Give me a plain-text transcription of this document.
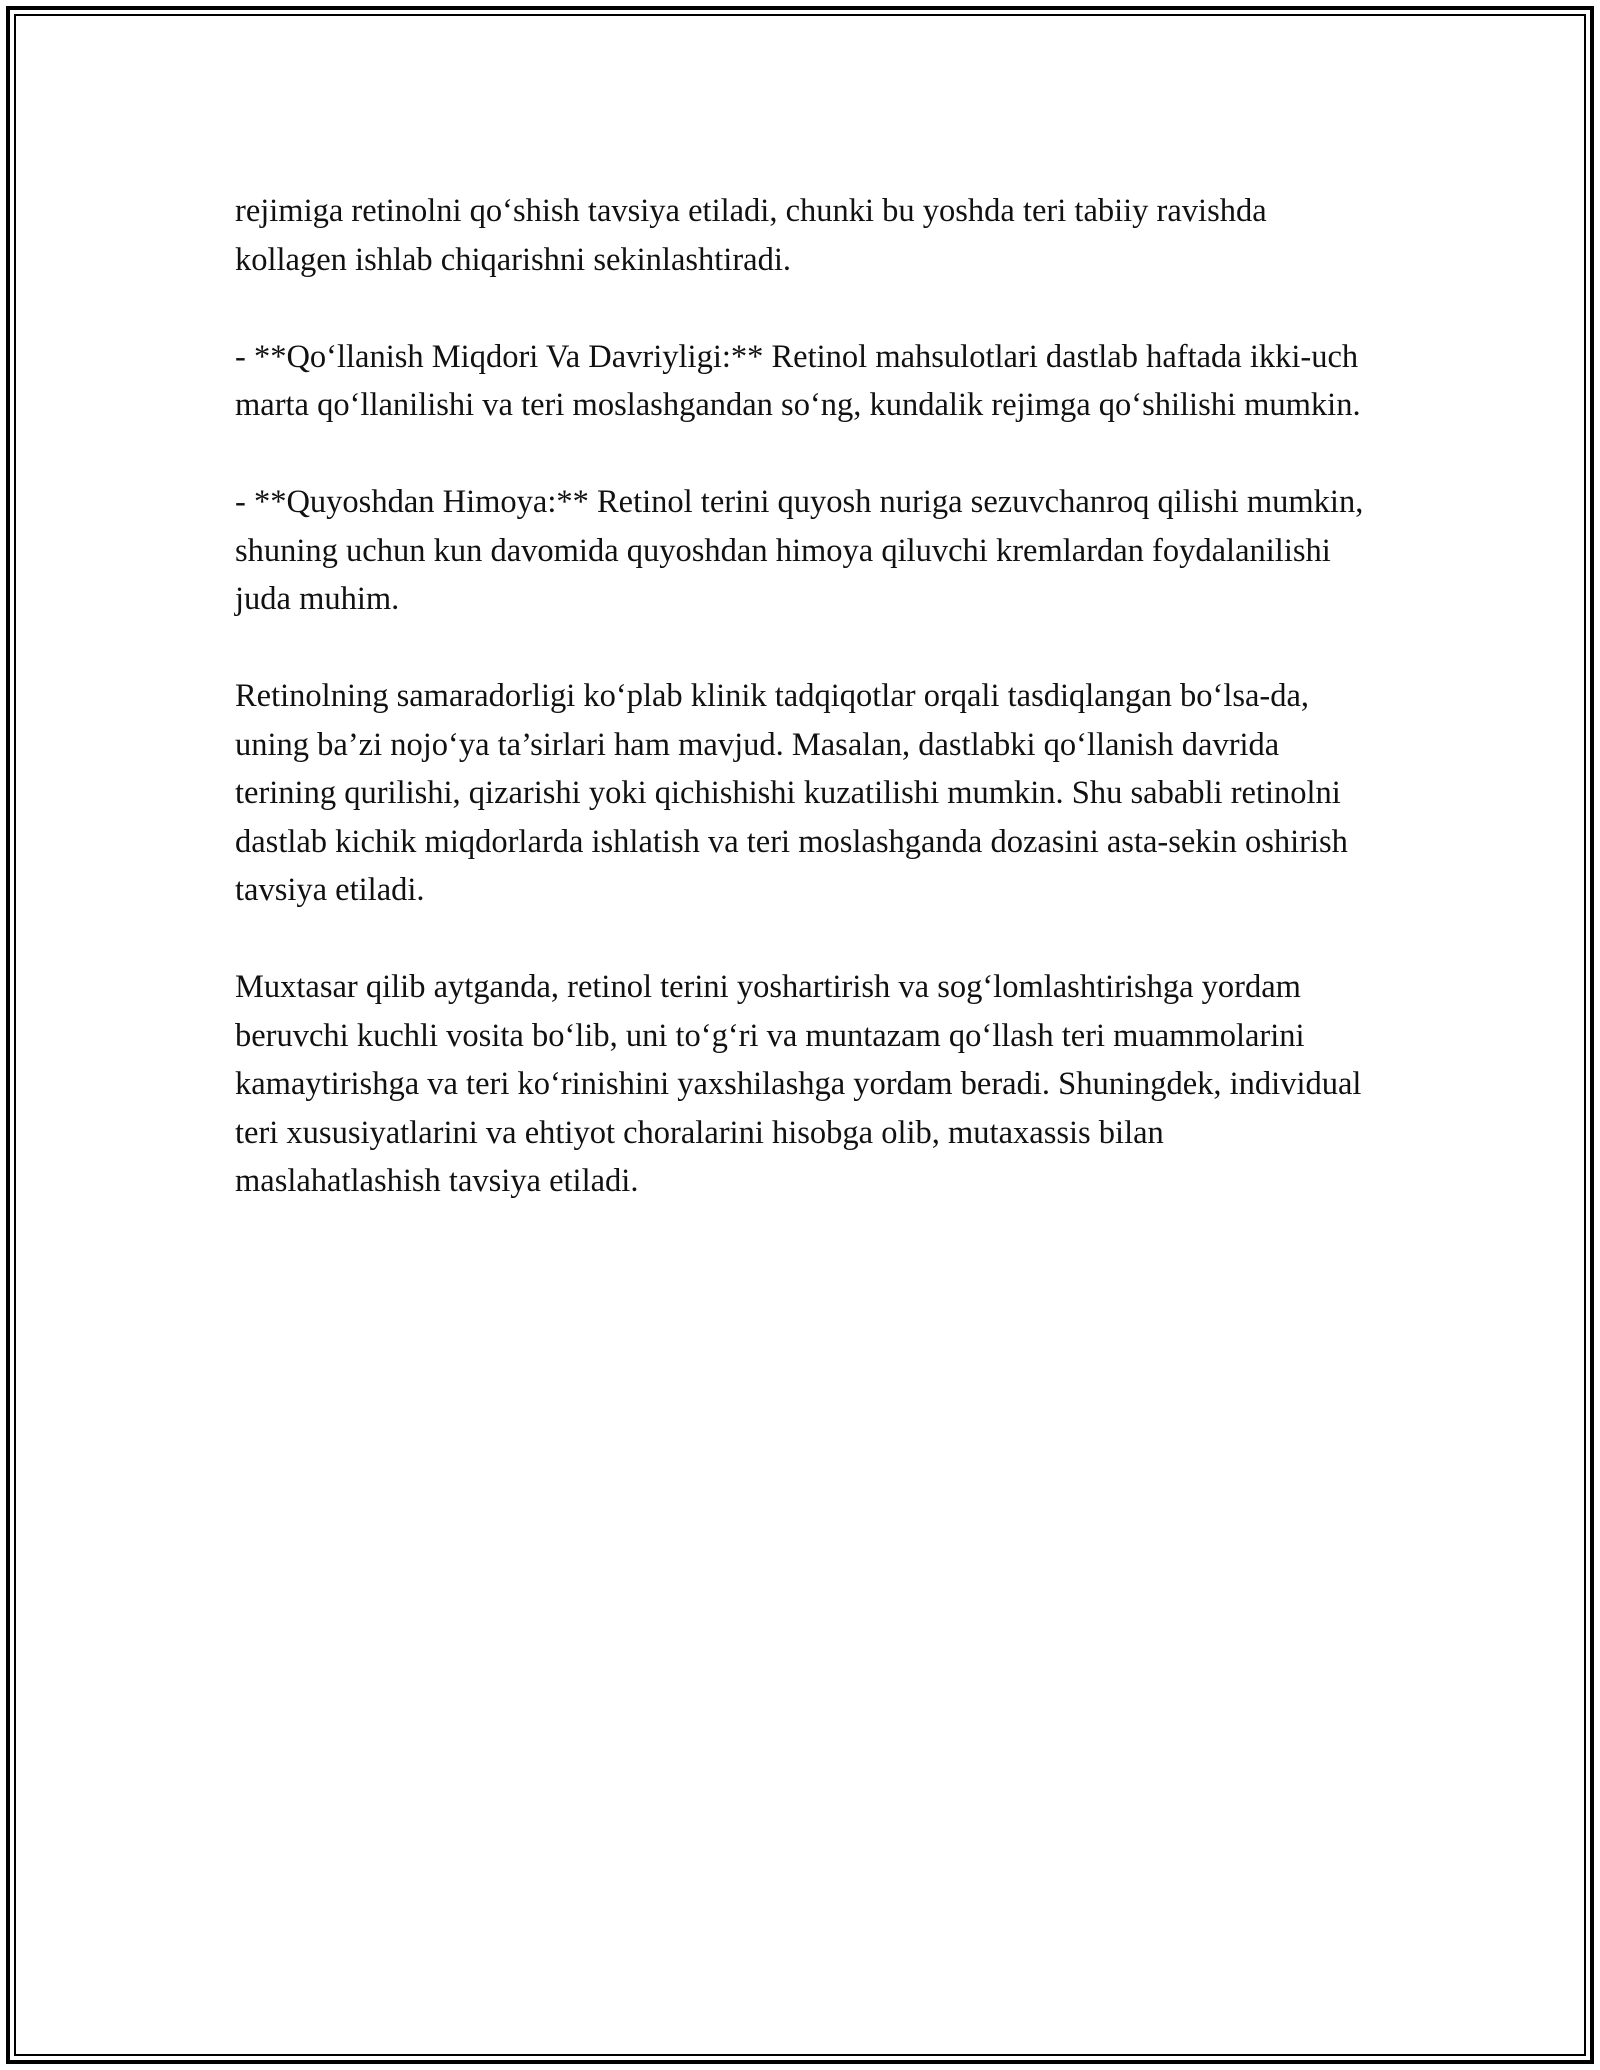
rejimiga retinolni qo‘shish tavsiya etiladi, chunki bu yoshda teri tabiiy ravishda kollagen ishlab chiqarishni sekinlashtiradi.

- **Qo‘llanish Miqdori Va Davriyligi:** Retinol mahsulotlari dastlab haftada ikki-uch marta qo‘llanilishi va teri moslashgandan so‘ng, kundalik rejimga qo‘shilishi mumkin.

- **Quyoshdan Himoya:** Retinol terini quyosh nuriga sezuvchanroq qilishi mumkin, shuning uchun kun davomida quyoshdan himoya qiluvchi kremlardan foydalanilishi juda muhim.

Retinolning samaradorligi ko‘plab klinik tadqiqotlar orqali tasdiqlangan bo‘lsa-da, uning ba’zi nojo‘ya ta’sirlari ham mavjud. Masalan, dastlabki qo‘llanish davrida terining qurilishi, qizarishi yoki qichishishi kuzatilishi mumkin. Shu sababli retinolni dastlab kichik miqdorlarda ishlatish va teri moslashganda dozasini asta-sekin oshirish tavsiya etiladi.

Muxtasar qilib aytganda, retinol terini yoshartirish va sog‘lomlashtirishga yordam beruvchi kuchli vosita bo‘lib, uni to‘g‘ri va muntazam qo‘llash teri muammolarini kamaytirishga va teri ko‘rinishini yaxshilashga yordam beradi. Shuningdek, individual teri xususiyatlarini va ehtiyot choralarini hisobga olib, mutaxassis bilan maslahatlashish tavsiya etiladi.
